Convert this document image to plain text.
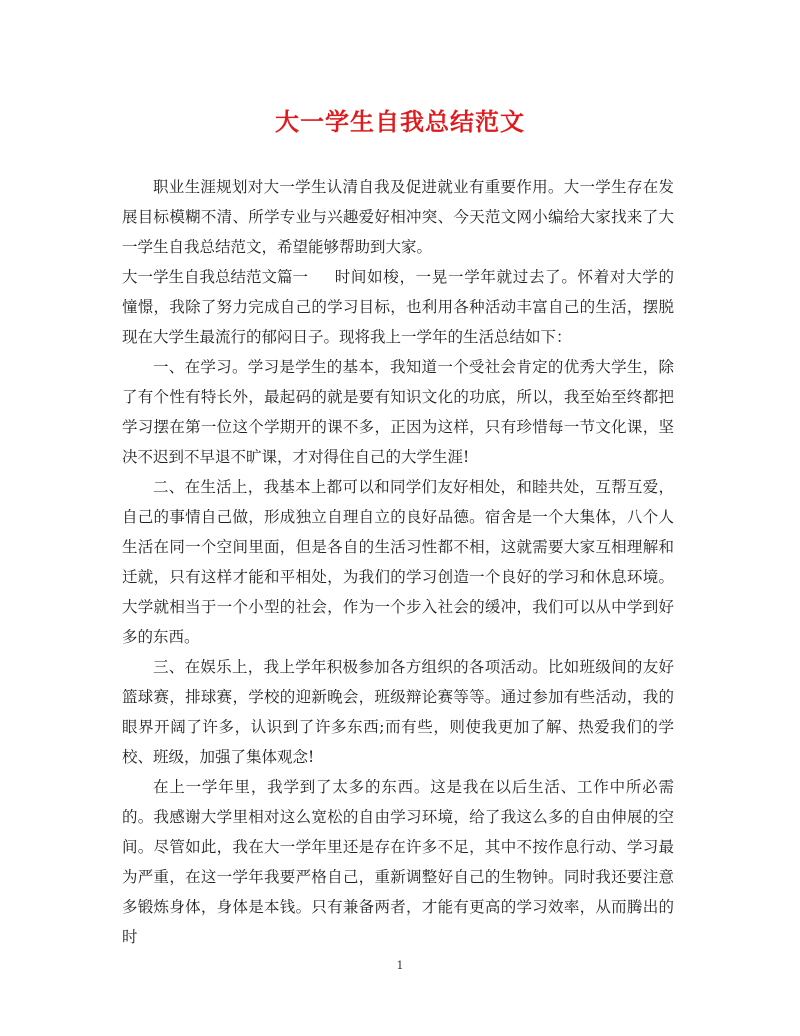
大一学生自我总结范文

职业生涯规划对大一学生认清自我及促进就业有重要作用。大一学生存在发展目标模糊不清、所学专业与兴趣爱好相冲突、今天范文网小编给大家找来了大一学生自我总结范文，希望能够帮助到大家。

大一学生自我总结范文篇一 时间如梭，一晃一学年就过去了。怀着对大学的憧憬，我除了努力完成自己的学习目标，也利用各种活动丰富自己的生活，摆脱现在大学生最流行的郁闷日子。现将我上一学年的生活总结如下：

一、在学习。学习是学生的基本，我知道一个受社会肯定的优秀大学生，除了有个性有特长外，最起码的就是要有知识文化的功底，所以，我至始至终都把学习摆在第一位这个学期开的课不多，正因为这样，只有珍惜每一节文化课，坚决不迟到不早退不旷课，才对得住自己的大学生涯!

二、在生活上，我基本上都可以和同学们友好相处，和睦共处，互帮互爱，自己的事情自己做，形成独立自理自立的良好品德。宿舍是一个大集体，八个人生活在同一个空间里面，但是各自的生活习性都不相，这就需要大家互相理解和迁就，只有这样才能和平相处，为我们的学习创造一个良好的学习和休息环境。大学就相当于一个小型的社会，作为一个步入社会的缓冲，我们可以从中学到好多的东西。

三、在娱乐上，我上学年积极参加各方组织的各项活动。比如班级间的友好篮球赛，排球赛，学校的迎新晚会，班级辩论赛等等。通过参加有些活动，我的眼界开阔了许多，认识到了许多东西;而有些，则使我更加了解、热爱我们的学校、班级，加强了集体观念!

在上一学年里，我学到了太多的东西。这是我在以后生活、工作中所必需的。我感谢大学里相对这么宽松的自由学习环境，给了我这么多的自由伸展的空间。尽管如此，我在大一学年里还是存在许多不足，其中不按作息行动、学习最为严重，在这一学年我要严格自己，重新调整好自己的生物钟。同时我还要注意多锻炼身体，身体是本钱。只有兼备两者，才能有更高的学习效率，从而腾出的时

1
